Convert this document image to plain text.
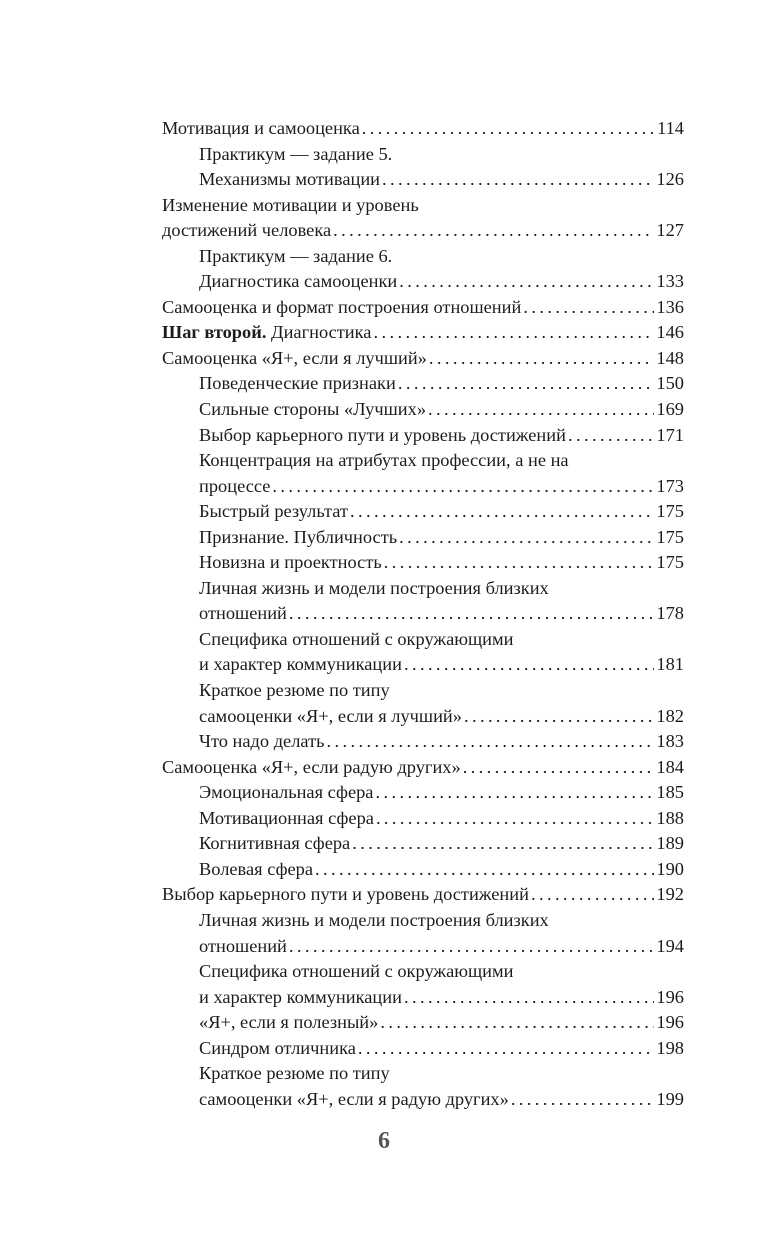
Мотивация и самооценка . . .	114
Практикум — задание 5.
Механизмы мотивации . . .	126
Изменение мотивации и уровень
достижений человека . . .	127
Практикум — задание 6.
Диагностика самооценки . . .	133
Самооценка и формат построения отношений . . .	136
Шаг второй. Диагностика . . .	146
Самооценка «Я+, если я лучший» . . .	148
Поведенческие признаки . . .	150
Сильные стороны «Лучших» . . .	169
Выбор карьерного пути и уровень достижений . . .	171
Концентрация на атрибутах профессии, а не на
процессе . . .	173
Быстрый результат . . .	175
Признание. Публичность . . .	175
Новизна и проектность . . .	175
Личная жизнь и модели построения близких
отношений . . .	178
Специфика отношений с окружающими
и характер коммуникации . . .	181
Краткое резюме по типу
самооценки «Я+, если я лучший» . . .	182
Что надо делать . . .	183
Самооценка «Я+, если радую других» . . .	184
Эмоциональная сфера . . .	185
Мотивационная сфера . . .	188
Когнитивная сфера . . .	189
Волевая сфера . . .	190
Выбор карьерного пути и уровень достижений . . .	192
Личная жизнь и модели построения близких
отношений . . .	194
Специфика отношений с окружающими
и характер коммуникации . . .	196
«Я+, если я полезный» . . .	196
Синдром отличника . . .	198
Краткое резюме по типу
самооценки «Я+, если я радую других» . . .	199
6
